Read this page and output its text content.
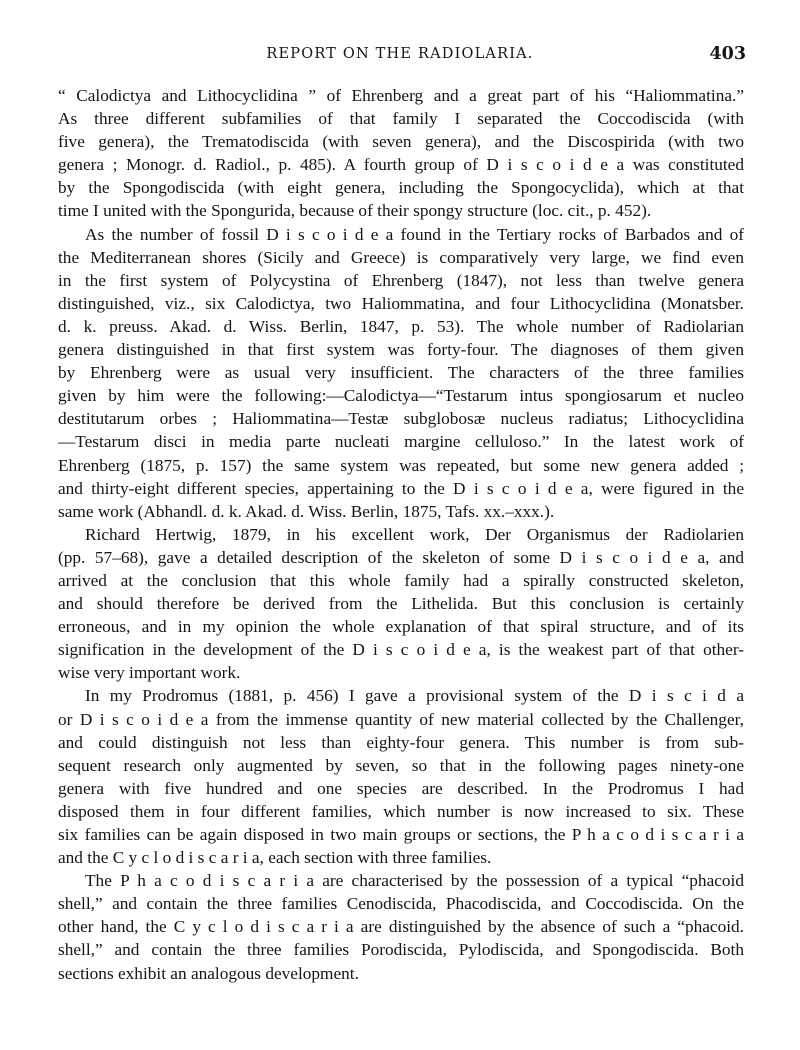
REPORT ON THE RADIOLARIA.	403
“ Calodictya and Lithocyclidina ” of Ehrenberg and a great part of his “Haliommatina.”
As three different subfamilies of that family I separated the Coccodiscida (with
five genera), the Trematodiscida (with seven genera), and the Discospirida (with two
genera ; Monogr. d. Radiol., p. 485). A fourth group of D i s c o i d e a was constituted
by the Spongodiscida (with eight genera, including the Spongocyclida), which at that
time I united with the Spongurida, because of their spongy structure (loc. cit., p. 452).
As the number of fossil D i s c o i d e a found in the Tertiary rocks of Barbados and of
the Mediterranean shores (Sicily and Greece) is comparatively very large, we find even
in the first system of Polycystina of Ehrenberg (1847), not less than twelve genera
distinguished, viz., six Calodictya, two Haliommatina, and four Lithocyclidina (Monatsber.
d. k. preuss. Akad. d. Wiss. Berlin, 1847, p. 53). The whole number of Radiolarian
genera distinguished in that first system was forty-four. The diagnoses of them given
by Ehrenberg were as usual very insufficient. The characters of the three families
given by him were the following:—Calodictya—“Testarum intus spongiosarum et nucleo
destitutarum orbes ; Haliommatina—Testæ subglobosæ nucleus radiatus; Lithocyclidina
—Testarum disci in media parte nucleati margine celluloso.” In the latest work of
Ehrenberg (1875, p. 157) the same system was repeated, but some new genera added ;
and thirty-eight different species, appertaining to the D i s c o i d e a, were figured in the
same work (Abhandl. d. k. Akad. d. Wiss. Berlin, 1875, Tafs. xx.–xxx.).
Richard Hertwig, 1879, in his excellent work, Der Organismus der Radiolarien
(pp. 57–68), gave a detailed description of the skeleton of some D i s c o i d e a, and
arrived at the conclusion that this whole family had a spirally constructed skeleton,
and should therefore be derived from the Lithelida. But this conclusion is certainly
erroneous, and in my opinion the whole explanation of that spiral structure, and of its
signification in the development of the D i s c o i d e a, is the weakest part of that other-
wise very important work.
In my Prodromus (1881, p. 456) I gave a provisional system of the D i s c i d a
or D i s c o i d e a from the immense quantity of new material collected by the Challenger,
and could distinguish not less than eighty-four genera. This number is from sub-
sequent research only augmented by seven, so that in the following pages ninety-one
genera with five hundred and one species are described. In the Prodromus I had
disposed them in four different families, which number is now increased to six. These
six families can be again disposed in two main groups or sections, the P h a c o d i s c a r i a
and the C y c l o d i s c a r i a, each section with three families.
The P h a c o d i s c a r i a are characterised by the possession of a typical “phacoid
shell,” and contain the three families Cenodiscida, Phacodiscida, and Coccodiscida. On the
other hand, the C y c l o d i s c a r i a are distinguished by the absence of such a “phacoid.
shell,” and contain the three families Porodiscida, Pylodiscida, and Spongodiscida. Both
sections exhibit an analogous development.
